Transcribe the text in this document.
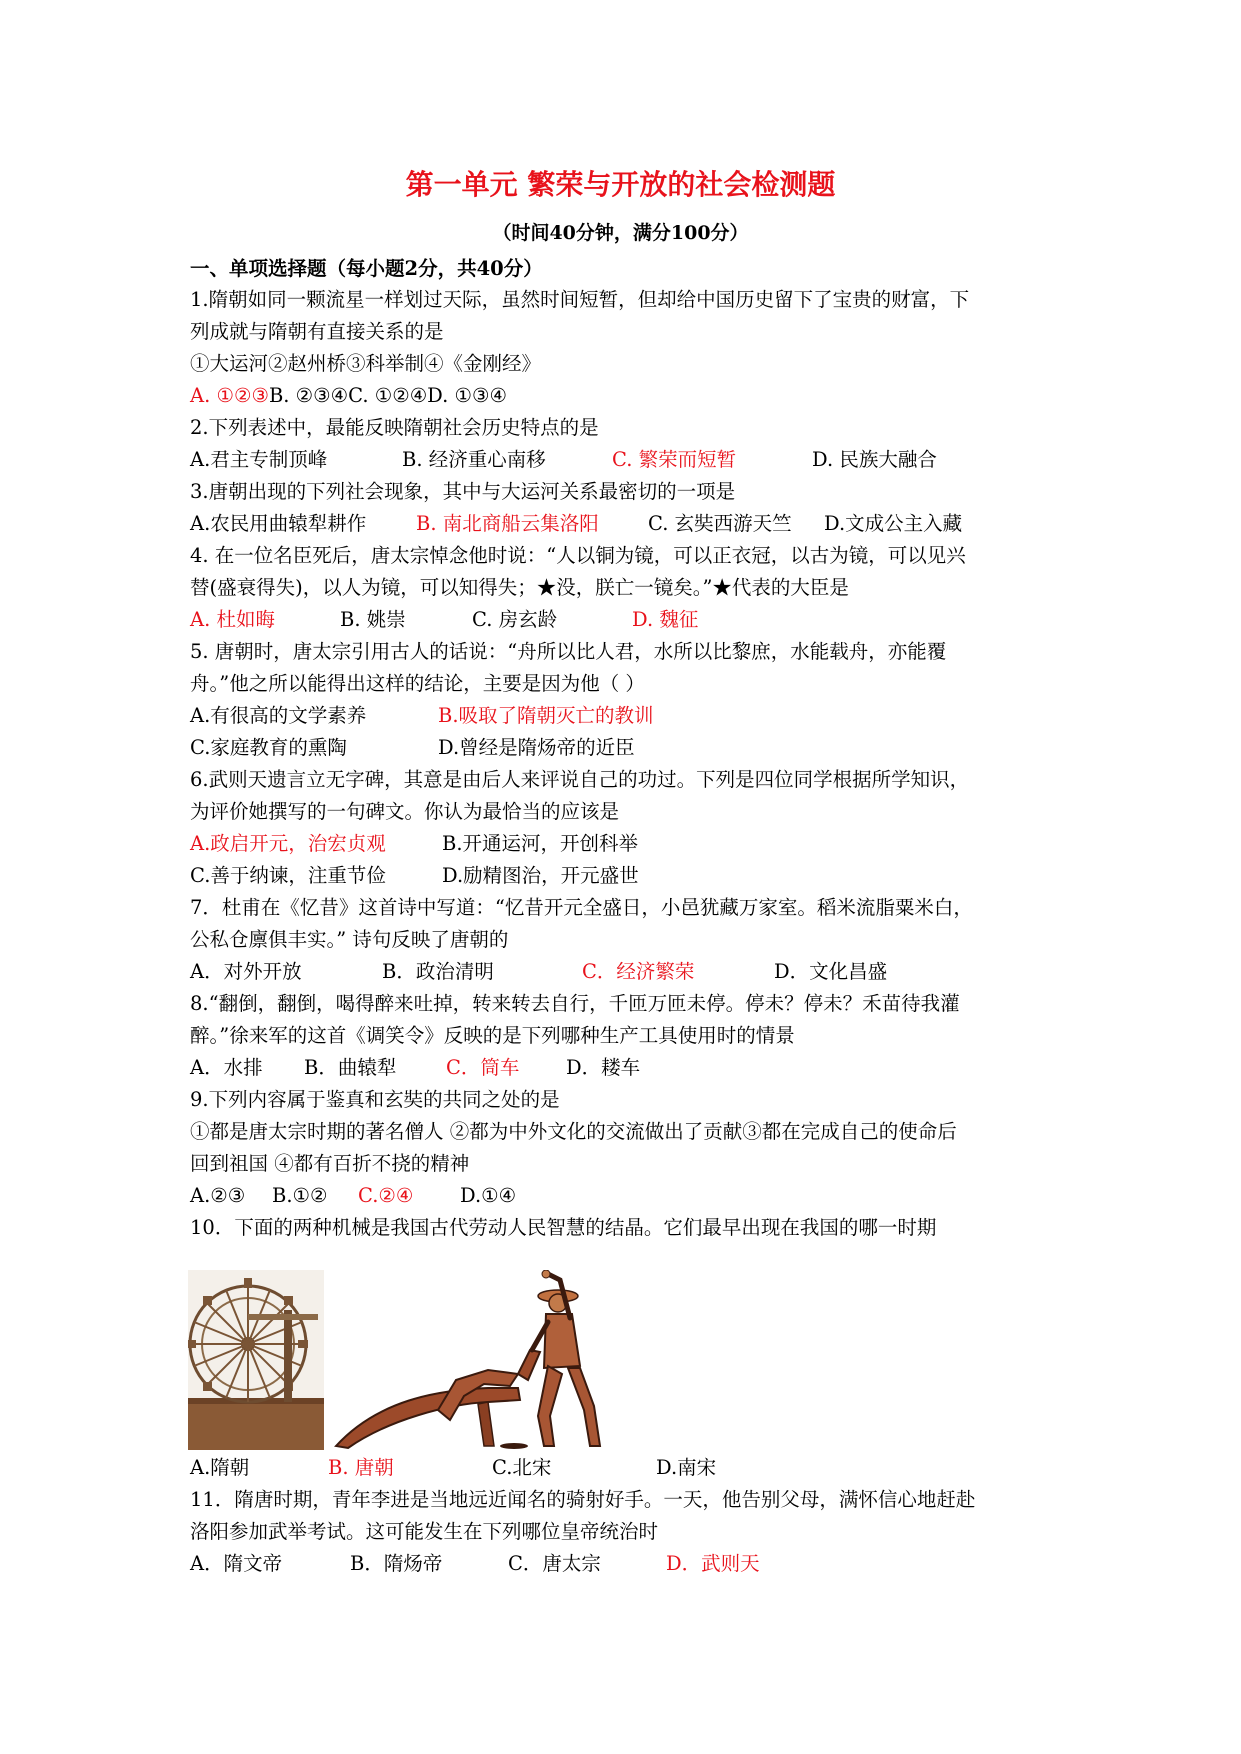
第一单元 繁荣与开放的社会检测题
（时间40分钟，满分100分）
一、单项选择题（每小题2分，共40分）
1.隋朝如同一颗流星一样划过天际，虽然时间短暂，但却给中国历史留下了宝贵的财富，下
列成就与隋朝有直接关系的是
①大运河②赵州桥③科举制④《金刚经》
A. ①②③B. ②③④C. ①②④D. ①③④
2.下列表述中，最能反映隋朝社会历史特点的是
A.君主专制顶峰	B. 经济重心南移	C. 繁荣而短暂	D. 民族大融合
3.唐朝出现的下列社会现象，其中与大运河关系最密切的一项是
A.农民用曲辕犁耕作	B. 南北商船云集洛阳	C. 玄奘西游天竺 D.文成公主入藏
4. 在一位名臣死后，唐太宗悼念他时说：“人以铜为镜，可以正衣冠，以古为镜，可以见兴
替(盛衰得失)，以人为镜，可以知得失；★没，朕亡一镜矣。”★代表的大臣是
A. 杜如晦	B. 姚崇	C. 房玄龄	D. 魏征
5. 唐朝时，唐太宗引用古人的话说：“舟所以比人君，水所以比黎庶，水能载舟，亦能覆
舟。”他之所以能得出这样的结论，主要是因为他（ ）
A.有很高的文学素养	B.吸取了隋朝灭亡的教训
C.家庭教育的熏陶	D.曾经是隋炀帝的近臣
6.武则天遗言立无字碑，其意是由后人来评说自己的功过。下列是四位同学根据所学知识，
为评价她撰写的一句碑文。你认为最恰当的应该是
A.政启开元，治宏贞观	B.开通运河，开创科举
C.善于纳谏，注重节俭	D.励精图治，开元盛世
7．杜甫在《忆昔》这首诗中写道：“忆昔开元全盛日，小邑犹藏万家室。稻米流脂粟米白，
公私仓廪俱丰实。” 诗句反映了唐朝的
A．对外开放	B．政治清明	C．经济繁荣	D．文化昌盛
8.“翻倒，翻倒，喝得醉来吐掉，转来转去自行，千匝万匝未停。停未？停未？禾苗待我灌
醉。”徐来军的这首《调笑令》反映的是下列哪种生产工具使用时的情景
A．水排 B．曲辕犁	C．筒车 D．耧车
9.下列内容属于鉴真和玄奘的共同之处的是
①都是唐太宗时期的著名僧人 ②都为中外文化的交流做出了贡献③都在完成自己的使命后
回到祖国 ④都有百折不挠的精神
A.②③ B.①② C.②④ D.①④
10．下面的两种机械是我国古代劳动人民智慧的结晶。它们最早出现在我国的哪一时期
A.隋朝	B. 唐朝	C.北宋	D.南宋
11．隋唐时期，青年李进是当地远近闻名的骑射好手。一天，他告别父母，满怀信心地赶赴
洛阳参加武举考试。这可能发生在下列哪位皇帝统治时
A．隋文帝	B．隋炀帝	C．唐太宗	D．武则天
